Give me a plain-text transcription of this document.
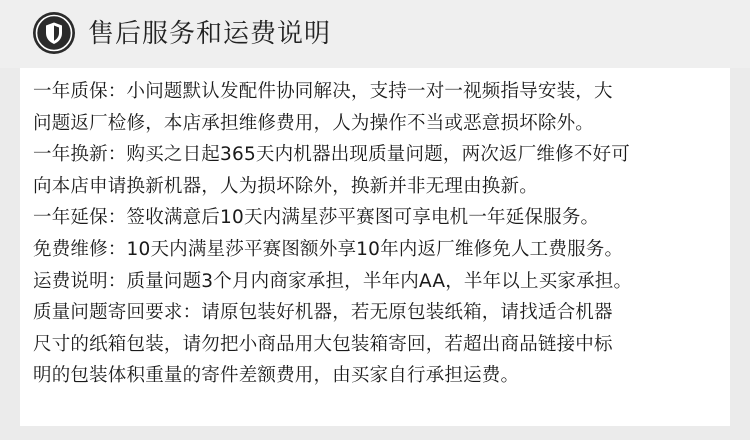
售后服务和运费说明
一年质保：小问题默认发配件协同解决，支持一对一视频指导安装，大
问题返厂检修，本店承担维修费用，人为操作不当或恶意损坏除外。
一年换新：购买之日起365天内机器出现质量问题，两次返厂维修不好可
向本店申请换新机器，人为损坏除外，换新并非无理由换新。
一年延保：签收满意后10天内满星莎平赛图可享电机一年延保服务。
免费维修：10天内满星莎平赛图额外享10年内返厂维修免人工费服务。
运费说明：质量问题3个月内商家承担，半年内AA，半年以上买家承担。
质量问题寄回要求：请原包装好机器，若无原包装纸箱，请找适合机器
尺寸的纸箱包装，请勿把小商品用大包装箱寄回，若超出商品链接中标
明的包装体积重量的寄件差额费用，由买家自行承担运费。
